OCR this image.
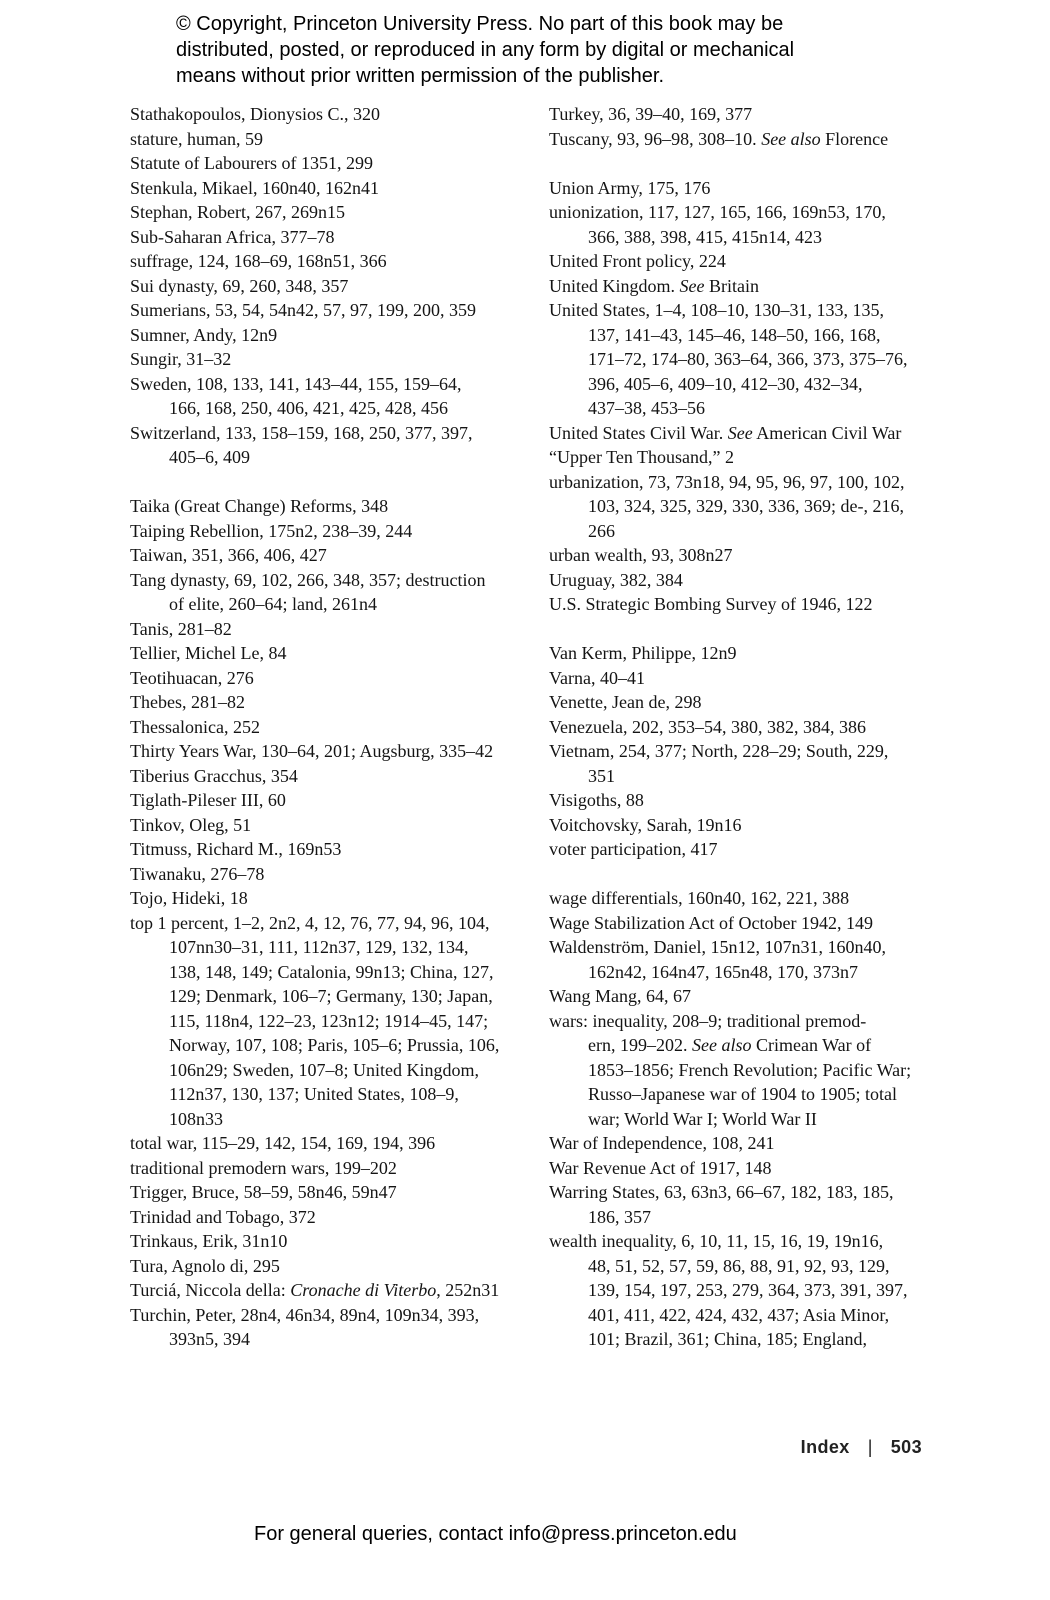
© Copyright, Princeton University Press. No part of this book may be
distributed, posted, or reproduced in any form by digital or mechanical
means without prior written permission of the publisher.
Stathakopoulos, Dionysios C., 320
stature, human, 59
Statute of Labourers of 1351, 299
Stenkula, Mikael, 160n40, 162n41
Stephan, Robert, 267, 269n15
Sub-Saharan Africa, 377–78
suffrage, 124, 168–69, 168n51, 366
Sui dynasty, 69, 260, 348, 357
Sumerians, 53, 54, 54n42, 57, 97, 199, 200, 359
Sumner, Andy, 12n9
Sungir, 31–32
Sweden, 108, 133, 141, 143–44, 155, 159–64,
166, 168, 250, 406, 421, 425, 428, 456
Switzerland, 133, 158–159, 168, 250, 377, 397,
405–6, 409
Taika (Great Change) Reforms, 348
Taiping Rebellion, 175n2, 238–39, 244
Taiwan, 351, 366, 406, 427
Tang dynasty, 69, 102, 266, 348, 357; destruction
of elite, 260–64; land, 261n4
Tanis, 281–82
Tellier, Michel Le, 84
Teotihuacan, 276
Thebes, 281–82
Thessalonica, 252
Thirty Years War, 130–64, 201; Augsburg, 335–42
Tiberius Gracchus, 354
Tiglath-Pileser III, 60
Tinkov, Oleg, 51
Titmuss, Richard M., 169n53
Tiwanaku, 276–78
Tojo, Hideki, 18
top 1 percent, 1–2, 2n2, 4, 12, 76, 77, 94, 96, 104,
107nn30–31, 111, 112n37, 129, 132, 134,
138, 148, 149; Catalonia, 99n13; China, 127,
129; Denmark, 106–7; Germany, 130; Japan,
115, 118n4, 122–23, 123n12; 1914–45, 147;
Norway, 107, 108; Paris, 105–6; Prussia, 106,
106n29; Sweden, 107–8; United Kingdom,
112n37, 130, 137; United States, 108–9,
108n33
total war, 115–29, 142, 154, 169, 194, 396
traditional premodern wars, 199–202
Trigger, Bruce, 58–59, 58n46, 59n47
Trinidad and Tobago, 372
Trinkaus, Erik, 31n10
Tura, Agnolo di, 295
Turciá, Niccola della: Cronache di Viterbo, 252n31
Turchin, Peter, 28n4, 46n34, 89n4, 109n34, 393,
393n5, 394
Turkey, 36, 39–40, 169, 377
Tuscany, 93, 96–98, 308–10. See also Florence
Union Army, 175, 176
unionization, 117, 127, 165, 166, 169n53, 170,
366, 388, 398, 415, 415n14, 423
United Front policy, 224
United Kingdom. See Britain
United States, 1–4, 108–10, 130–31, 133, 135,
137, 141–43, 145–46, 148–50, 166, 168,
171–72, 174–80, 363–64, 366, 373, 375–76,
396, 405–6, 409–10, 412–30, 432–34,
437–38, 453–56
United States Civil War. See American Civil War
“Upper Ten Thousand,” 2
urbanization, 73, 73n18, 94, 95, 96, 97, 100, 102,
103, 324, 325, 329, 330, 336, 369; de-, 216,
266
urban wealth, 93, 308n27
Uruguay, 382, 384
U.S. Strategic Bombing Survey of 1946, 122
Van Kerm, Philippe, 12n9
Varna, 40–41
Venette, Jean de, 298
Venezuela, 202, 353–54, 380, 382, 384, 386
Vietnam, 254, 377; North, 228–29; South, 229,
351
Visigoths, 88
Voitchovsky, Sarah, 19n16
voter participation, 417
wage differentials, 160n40, 162, 221, 388
Wage Stabilization Act of October 1942, 149
Waldenström, Daniel, 15n12, 107n31, 160n40,
162n42, 164n47, 165n48, 170, 373n7
Wang Mang, 64, 67
wars: inequality, 208–9; traditional premod-
ern, 199–202. See also Crimean War of
1853–1856; French Revolution; Pacific War;
Russo–Japanese war of 1904 to 1905; total
war; World War I; World War II
War of Independence, 108, 241
War Revenue Act of 1917, 148
Warring States, 63, 63n3, 66–67, 182, 183, 185,
186, 357
wealth inequality, 6, 10, 11, 15, 16, 19, 19n16,
48, 51, 52, 57, 59, 86, 88, 91, 92, 93, 129,
139, 154, 197, 253, 279, 364, 373, 391, 397,
401, 411, 422, 424, 432, 437; Asia Minor,
101; Brazil, 361; China, 185; England,
Index | 503
For general queries, contact info@press.princeton.edu
